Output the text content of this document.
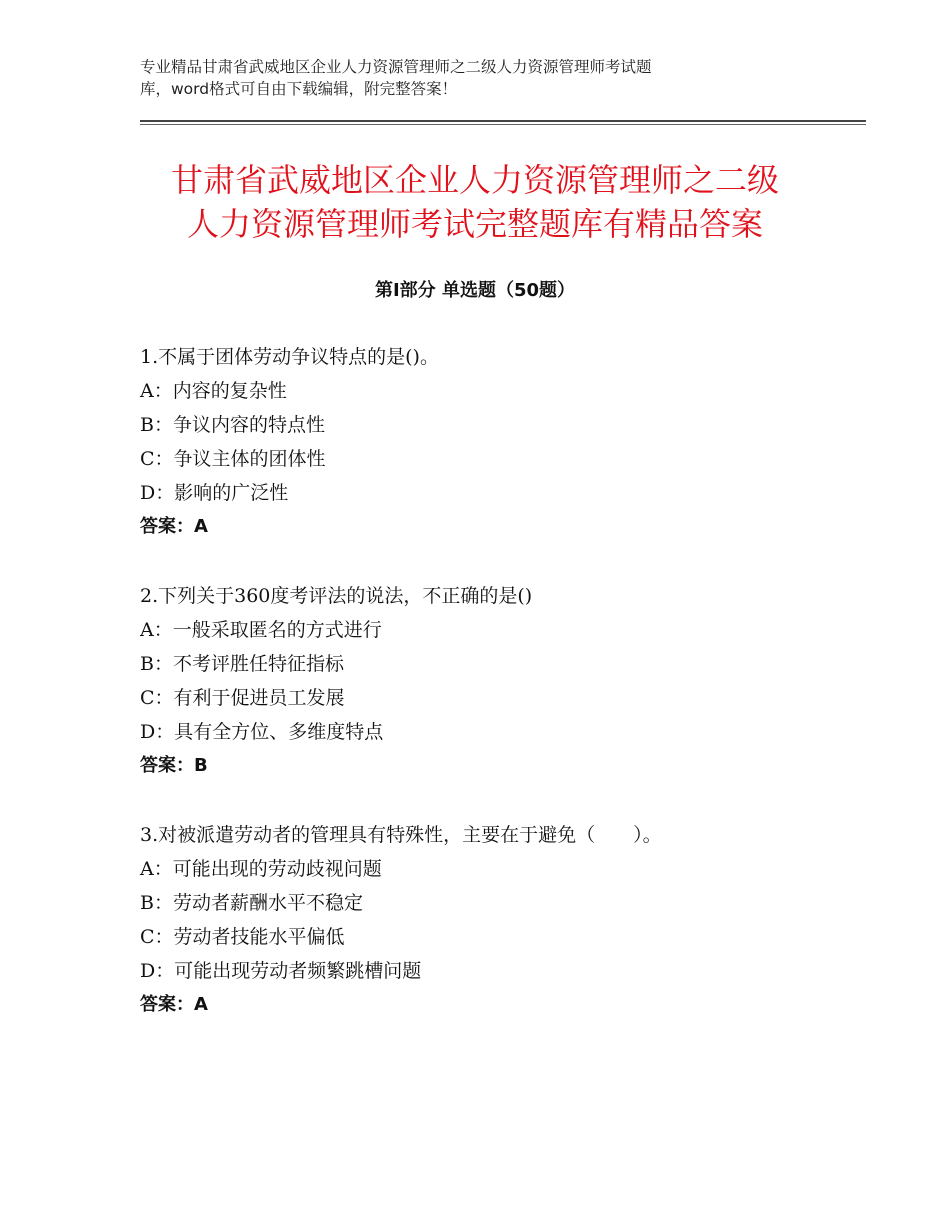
专业精品甘肃省武威地区企业人力资源管理师之二级人力资源管理师考试题
库，word格式可自由下载编辑，附完整答案！
甘肃省武威地区企业人力资源管理师之二级
人力资源管理师考试完整题库有精品答案
第Ⅰ部分 单选题（50题）
1.不属于团体劳动争议特点的是()。
A：内容的复杂性
B：争议内容的特点性
C：争议主体的团体性
D：影响的广泛性
答案：A
2.下列关于360度考评法的说法，不正确的是()
A：一般采取匿名的方式进行
B：不考评胜任特征指标
C：有利于促进员工发展
D：具有全方位、多维度特点
答案：B
3.对被派遣劳动者的管理具有特殊性，主要在于避免（　　）。
A：可能出现的劳动歧视问题
B：劳动者薪酬水平不稳定
C：劳动者技能水平偏低
D：可能出现劳动者频繁跳槽问题
答案：A
